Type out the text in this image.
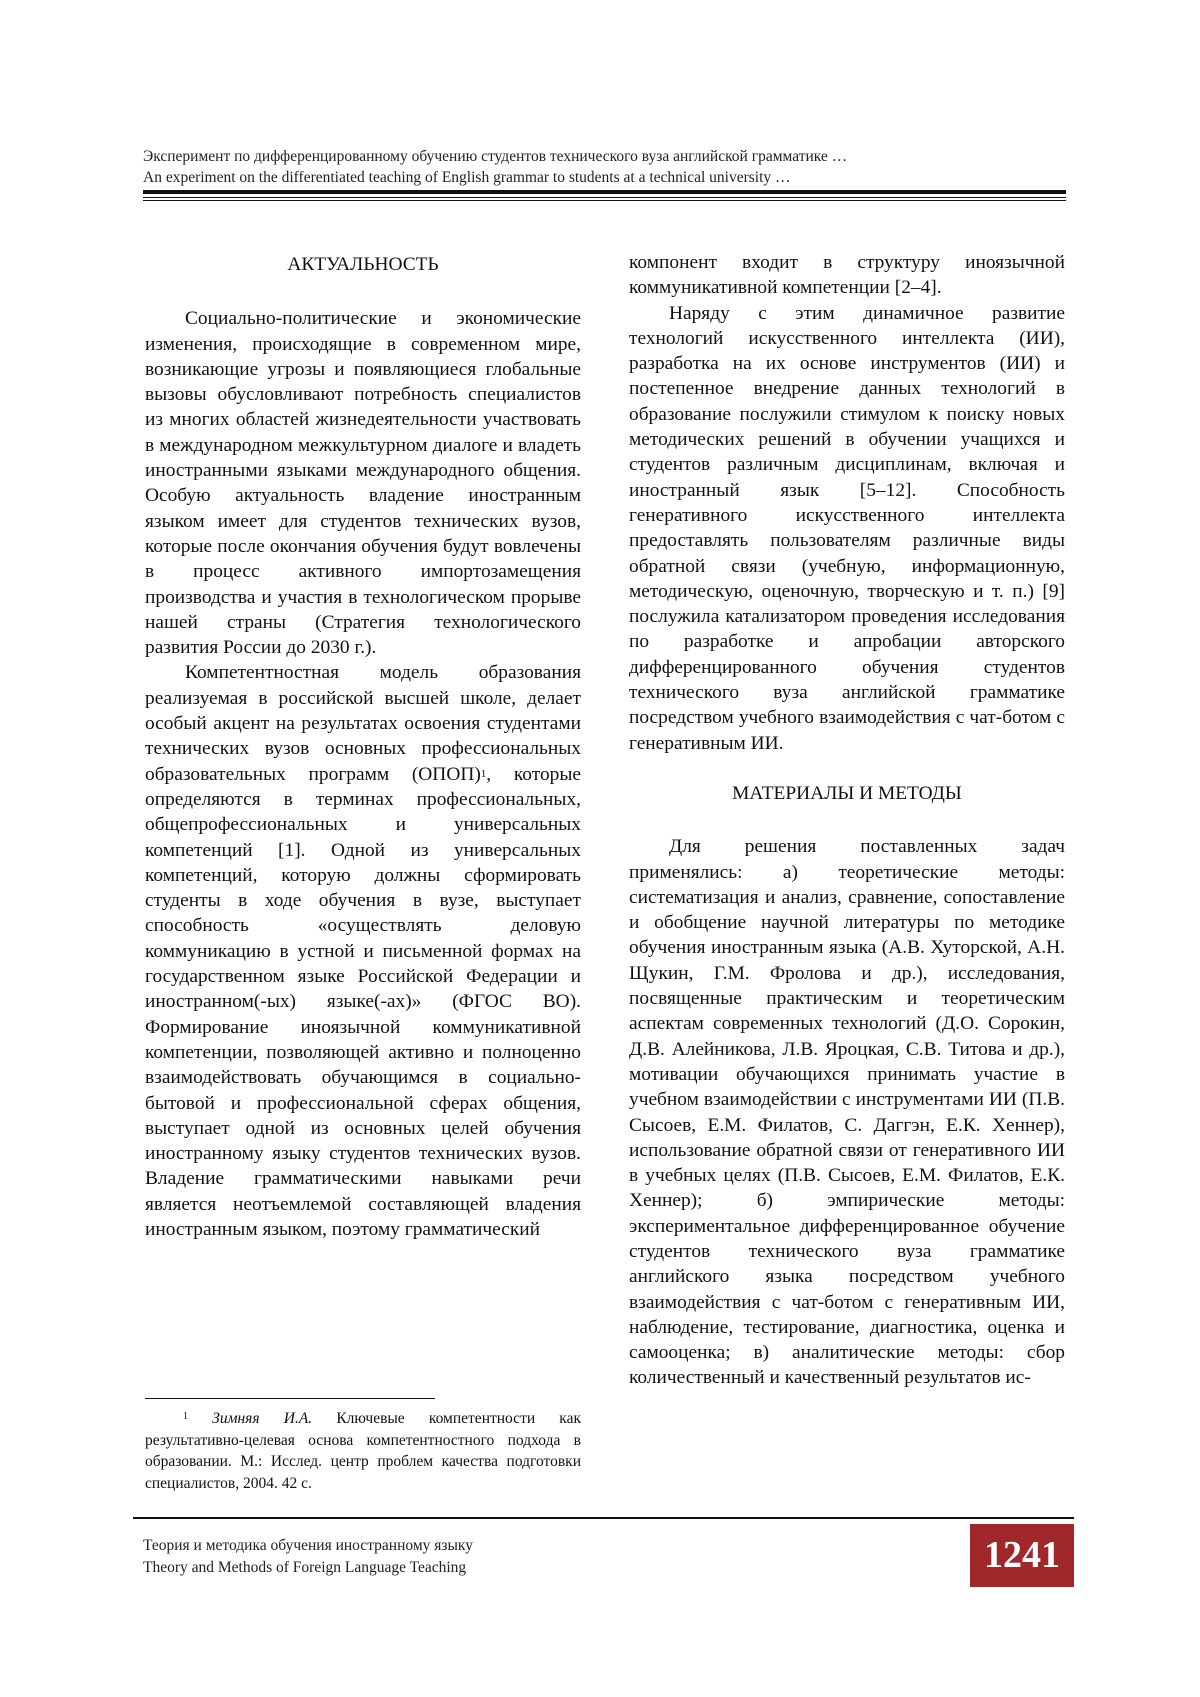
Эксперимент по дифференцированному обучению студентов технического вуза английской грамматике …
An experiment on the differentiated teaching of English grammar to students at a technical university …

АКТУАЛЬНОСТЬ

Социально-политические и экономические изменения, происходящие в современном мире, возникающие угрозы и появляющиеся глобальные вызовы обусловливают потребность специалистов из многих областей жизнедеятельности участвовать в международном межкультурном диалоге и владеть иностранными языками международного общения. Особую актуальность владение иностранным языком имеет для студентов технических вузов, которые после окончания обучения будут вовлечены в процесс активного импортозамещения производства и участия в технологическом прорыве нашей страны (Стратегия технологического развития России до 2030 г.).

Компетентностная модель образования реализуемая в российской высшей школе, делает особый акцент на результатах освоения студентами технических вузов основных профессиональных образовательных программ (ОПОП)$^1$, которые определяются в терминах профессиональных, общепрофессиональных и универсальных компетенций [1]. Одной из универсальных компетенций, которую должны сформировать студенты в ходе обучения в вузе, выступает способность «осуществлять деловую коммуникацию в устной и письменной формах на государственном языке Российской Федерации и иностранном(-ых) языке(-ах)» (ФГОС ВО). Формирование иноязычной коммуникативной компетенции, позволяющей активно и полноценно взаимодействовать обучающимся в социально-бытовой и профессиональной сферах общения, выступает одной из основных целей обучения иностранному языку студентов технических вузов. Владение грамматическими навыками речи является неотъемлемой составляющей владения иностранным языком, поэтому грамматический

компонент входит в структуру иноязычной коммуникативной компетенции [2–4].

Наряду с этим динамичное развитие технологий искусственного интеллекта (ИИ), разработка на их основе инструментов (ИИ) и постепенное внедрение данных технологий в образование послужили стимулом к поиску новых методических решений в обучении учащихся и студентов различным дисциплинам, включая и иностранный язык [5–12]. Способность генеративного искусственного интеллекта предоставлять пользователям различные виды обратной связи (учебную, информационную, методическую, оценочную, творческую и т. п.) [9] послужила катализатором проведения исследования по разработке и апробации авторского дифференцированного обучения студентов технического вуза английской грамматике посредством учебного взаимодействия с чат-ботом с генеративным ИИ.

МАТЕРИАЛЫ И МЕТОДЫ

Для решения поставленных задач применялись: а) теоретические методы: систематизация и анализ, сравнение, сопоставление и обобщение научной литературы по методике обучения иностранным языка (А.В. Хуторской, А.Н. Щукин, Г.М. Фролова и др.), исследования, посвященные практическим и теоретическим аспектам современных технологий (Д.О. Сорокин, Д.В. Алейникова, Л.В. Яроцкая, С.В. Титова и др.), мотивации обучающихся принимать участие в учебном взаимодействии с инструментами ИИ (П.В. Сысоев, Е.М. Филатов, С. Даггэн, Е.К. Хеннер), использование обратной связи от генеративного ИИ в учебных целях (П.В. Сысоев, Е.М. Филатов, Е.К. Хеннер); б) эмпирические методы: экспериментальное дифференцированное обучение студентов технического вуза грамматике английского языка посредством учебного взаимодействия с чат-ботом с генеративным ИИ, наблюдение, тестирование, диагностика, оценка и самооценка; в) аналитические методы: сбор количественный и качественный результатов ис-

$^1$ Зимняя И.А. Ключевые компетентности как результативно-целевая основа компетентностного подхода в образовании. М.: Исслед. центр проблем качества подготовки специалистов, 2004. 42 с.
Теория и методика обучения иностранному языку
Theory and Methods of Foreign Language Teaching	1241
